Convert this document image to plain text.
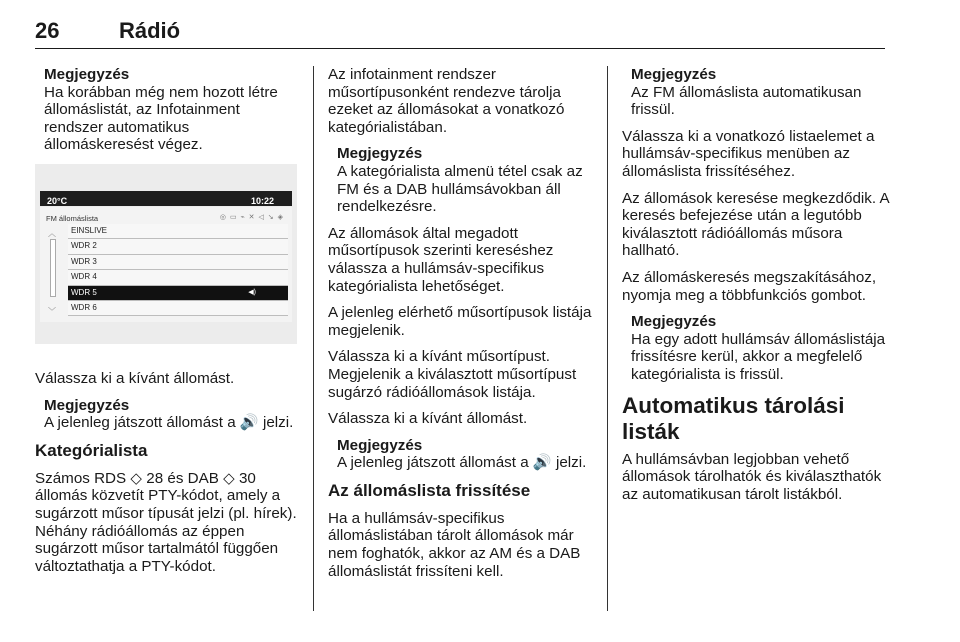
26	Rádió
Megjegyzés
Ha korábban még nem hozott létre állomáslistát, az Infotainment rendszer automatikus állomáskeresést végez.
20°C	10:22
FM állomáslista	◎ ▭ ⌁ ✕ ◁ ↘ ◈
︿
﹀
EINSLIVE
WDR 2
WDR 3
WDR 4
WDR 5	◀)
WDR 6
Válassza ki a kívánt állomást.
Megjegyzés
A jelenleg játszott állomást a 🔊 jelzi.
Kategórialista
Számos RDS ◇ 28 és DAB ◇ 30 állomás közvetít PTY-kódot, amely a sugárzott műsor típusát jelzi (pl. hírek). Néhány rádióállomás az éppen sugárzott műsor tartalmától függően változtathatja a PTY-kódot.
Az infotainment rendszer műsortípusonként rendezve tárolja ezeket az állomásokat a vonatkozó kategórialistában.
Megjegyzés
A kategórialista almenü tétel csak az FM és a DAB hullámsávokban áll rendelkezésre.
Az állomások által megadott műsortípusok szerinti kereséshez válassza a hullámsáv-specifikus kategórialista lehetőséget.
A jelenleg elérhető műsortípusok listája megjelenik.
Válassza ki a kívánt műsortípust. Megjelenik a kiválasztott műsortípust sugárzó rádióállomások listája.
Válassza ki a kívánt állomást.
Megjegyzés
A jelenleg játszott állomást a 🔊 jelzi.
Az állomáslista frissítése
Ha a hullámsáv-specifikus állomáslistában tárolt állomások már nem foghatók, akkor az AM és a DAB állomáslistát frissíteni kell.
Megjegyzés
Az FM állomáslista automatikusan frissül.
Válassza ki a vonatkozó listaelemet a hullámsáv-specifikus menüben az állomáslista frissítéséhez.
Az állomások keresése megkezdődik. A keresés befejezése után a legutóbb kiválasztott rádióállomás műsora hallható.
Az állomáskeresés megszakításához, nyomja meg a többfunkciós gombot.
Megjegyzés
Ha egy adott hullámsáv állomáslistája frissítésre kerül, akkor a megfelelő kategórialista is frissül.
Automatikus tárolási listák
A hullámsávban legjobban vehető állomások tárolhatók és kiválaszthatók az automatikusan tárolt listákból.
